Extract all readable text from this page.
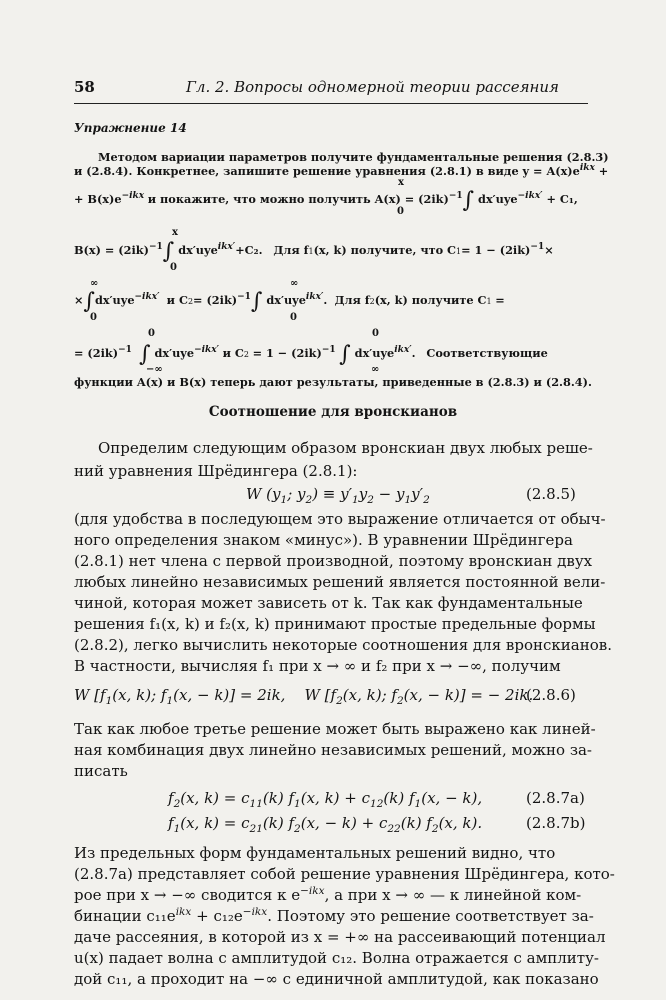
58	Гл. 2. Вопросы одномерной теории рассеяния
Упражнение 14
Методом вариации параметров получите фундаментальные решения (2.8.3)
и (2.8.4). Конкретнее, запишите решение уравнения (2.8.1) в виде $y = A(x)e^{ikx}$ +
+ $B(x)e^{-ikx}$ и покажите, что можно получить $A(x) = (2ik)^{-1}\int$ dx′uye$^{-ikx'}$ + C₁,
x
0
$B(x) = (2ik)^{-1}\int$ dx′uye$^{ikx'}$+C₂. Для f1(x, k) получите, что $C1= 1 - (2ik)^{-1}\times$
x
0
×∫dx′uye$^{-ikx'}$ и $C2= (2ik)^{-1}\int$ dx′uye$^{ikx'}$. Для f2(x, k) получите C1 =
∞
0
∞
0
= $(2ik)^{-1}$ ∫ dx′uye$^{-ikx'}$ и $C2 = 1 - (2ik)^{-1}$ ∫ dx′uye$^{ikx'}$. Соответствующие
0
−∞
0
∞
функции A(x) и B(x) теперь дают результаты, приведенные в (2.8.3) и (2.8.4).
Соотношение для вронскианов
Определим следующим образом вронскиан двух любых реше-
ний уравнения Шрёдингера (2.8.1):
W ($y_1$; $y_2) \equiv y'_1y_2 - y_1y'_2$	(2.8.5)
(для удобства в последующем это выражение отличается от обыч-
ного определения знаком «минус»). В уравнении Шрёдингера
(2.8.1) нет члена с первой производной, поэтому вронскиан двух
любых линейно независимых решений является постоянной вели-
чиной, которая может зависеть от k. Так как фундаментальные
решения f₁(x, k) и f₂(x, k) принимают простые предельные формы
(2.8.2), легко вычислить некоторые соотношения для вронскианов.
В частности, вычисляя f₁ при x → ∞ и f₂ при x → −∞, получим
W [$f_1(x$, k); $f_1(x$, − k)] = 2ik,    W [$f_2(x$, k); $f_2(x$, − k)] = − 2ik.
(2.8.6)
Так как любое третье решение может быть выражено как линей-
ная комбинация двух линейно независимых решений, можно за-
писать
$f_2(x$, $k) = c_{11}(k)$ $f_1(x$, $k) + c_{12}(k) f_1(x$, − k),	(2.8.7a)
$f_1(x$, $k) = c_{21}(k) f_2(x$, − $k) + c_{22}(k)$ $f_2(x$, k).	(2.8.7b)
Из предельных форм фундаментальных решений видно, что
(2.8.7a) представляет собой решение уравнения Шрёдингера, кото-
рое при x → −∞ сводится к $e^{-ikx}$, а при x → ∞ — к линейной ком-
бинации $c_{11}e^{ikx} + c_{12}e^{-ikx}$. Поэтому это решение соответствует за-
даче рассеяния, в которой из x = +∞ на рассеивающий потенциал
u(x) падает волна с амплитудой c₁₂. Волна отражается с амплиту-
дой c₁₁, а проходит на −∞ с единичной амплитудой, как показано
